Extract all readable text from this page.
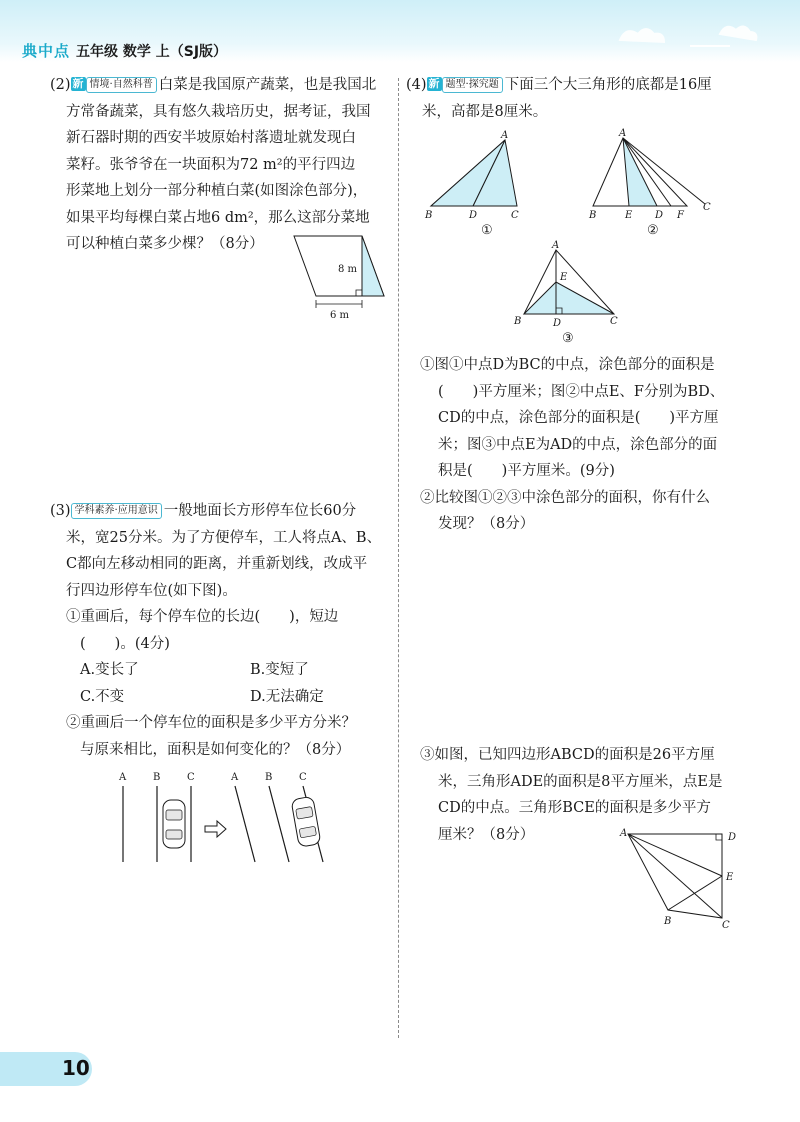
典中点 五年级 数学 上（SJ版）
(2) 新 情境·自然科普 白菜是我国原产蔬菜，也是我国北
方常备蔬菜，具有悠久栽培历史，据考证，我国
新石器时期的西安半坡原始村落遗址就发现白
菜籽。张爷爷在一块面积为72 m²的平行四边
形菜地上划分一部分种植白菜(如图涂色部分)，
如果平均每棵白菜占地6 dm²，那么这部分菜地
可以种植白菜多少棵？（8分）
8 m
6 m
(3) 学科素养·应用意识 一般地面长方形停车位长60分
米，宽25分米。为了方便停车，工人将点A、B、
C都向左移动相同的距离，并重新划线，改成平
行四边形停车位(如下图)。
①重画后，每个停车位的长边(　　)，短边
(　　)。(4分)
A.变长了	B.变短了
C.不变	D.无法确定
②重画后一个停车位的面积是多少平方分米？
与原来相比，面积是如何变化的？（8分）
A	B	C	A	B	C
(4) 新 题型·探究题 下面三个大三角形的底都是16厘
米，高都是8厘米。
A
B	D	C
①
A
B	E D F
C
②
A
E
B	D	C
③
①图①中点D为BC的中点，涂色部分的面积是
(　　)平方厘米；图②中点E、F分别为BD、
CD的中点，涂色部分的面积是(　　)平方厘
米；图③中点E为AD的中点，涂色部分的面
积是(　　)平方厘米。(9分)
②比较图①②③中涂色部分的面积，你有什么
发现？（8分）
③如图，已知四边形ABCD的面积是26平方厘
米，三角形ADE的面积是8平方厘米，点E是
CD的中点。三角形BCE的面积是多少平方
厘米？（8分）	A	D
E
B	C
10
